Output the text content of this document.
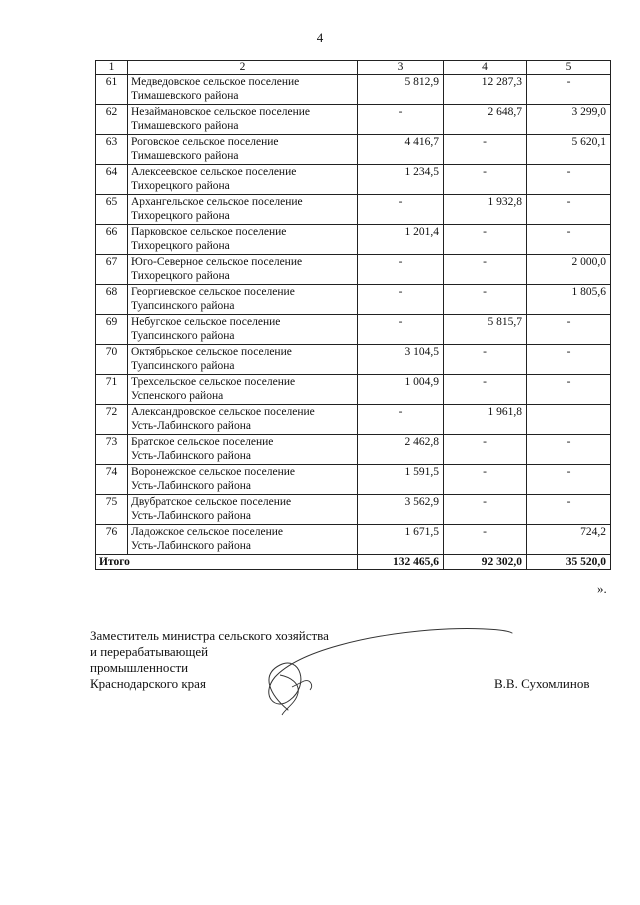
4
1	2	3	4	5
61	Медведовское сельское поселение
Тимашевского района	5 812,9	12 287,3	-
62	Незаймановское сельское поселение
Тимашевского района	-	2 648,7	3 299,0
63	Роговское сельское поселение
Тимашевского района	4 416,7	-	5 620,1
64	Алексеевское сельское поселение
Тихорецкого района	1 234,5	-	-
65	Архангельское сельское поселение
Тихорецкого района	-	1 932,8	-
66	Парковское сельское поселение
Тихорецкого района	1 201,4	-	-
67	Юго-Северное сельское поселение
Тихорецкого района	-	-	2 000,0
68	Георгиевское сельское поселение
Туапсинского района	-	-	1 805,6
69	Небугское сельское поселение
Туапсинского района	-	5 815,7	-
70	Октябрьское сельское поселение
Туапсинского района	3 104,5	-	-
71	Трехсельское сельское поселение
Успенского района	1 004,9	-	-
72	Александровское сельское поселение
Усть-Лабинского района	-	1 961,8	
73	Братское сельское поселение
Усть-Лабинского района	2 462,8	-	-
74	Воронежское сельское поселение
Усть-Лабинского района	1 591,5	-	-
75	Двубратское сельское поселение
Усть-Лабинского района	3 562,9	-	-
76	Ладожское сельское поселение
Усть-Лабинского района	1 671,5	-	724,2
Итого		132 465,6	92 302,0	35 520,0
».
Заместитель министра сельского хозяйства
и перерабатывающей
промышленности
Краснодарского края	В.В. Сухомлинов
